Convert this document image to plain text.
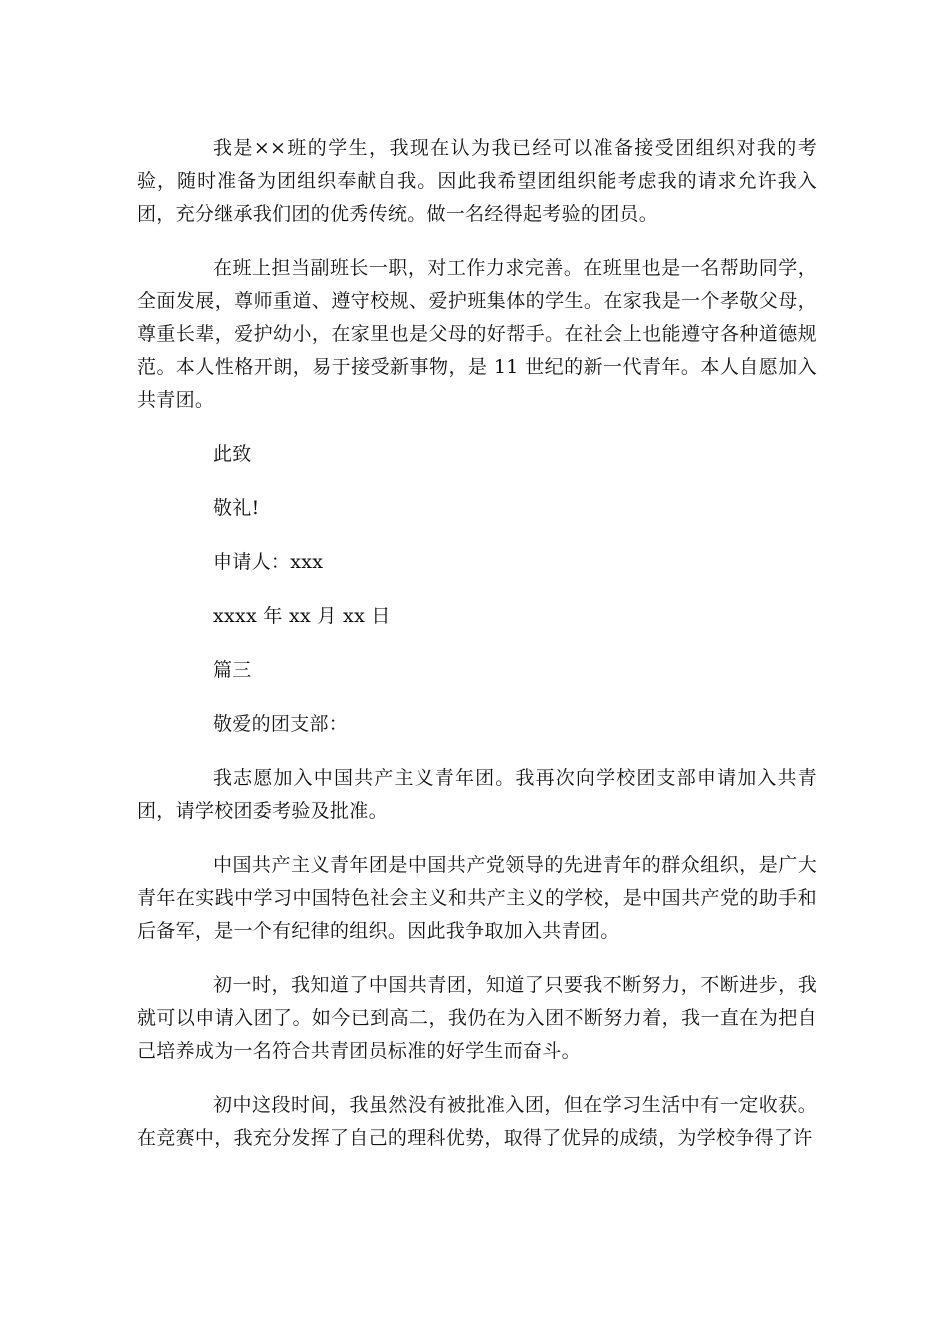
我是××班的学生，我现在认为我已经可以准备接受团组织对我的考验，随时准备为团组织奉献自我。因此我希望团组织能考虑我的请求允许我入团，充分继承我们团的优秀传统。做一名经得起考验的团员。

在班上担当副班长一职，对工作力求完善。在班里也是一名帮助同学，全面发展，尊师重道、遵守校规、爱护班集体的学生。在家我是一个孝敬父母，尊重长辈，爱护幼小，在家里也是父母的好帮手。在社会上也能遵守各种道德规范。本人性格开朗，易于接受新事物，是 11 世纪的新一代青年。本人自愿加入共青团。

此致

敬礼!

申请人：xxx

xxxx 年 xx 月 xx 日

篇三

敬爱的团支部：

我志愿加入中国共产主义青年团。我再次向学校团支部申请加入共青团，请学校团委考验及批准。

中国共产主义青年团是中国共产党领导的先进青年的群众组织，是广大青年在实践中学习中国特色社会主义和共产主义的学校，是中国共产党的助手和后备军，是一个有纪律的组织。因此我争取加入共青团。

初一时，我知道了中国共青团，知道了只要我不断努力，不断进步，我就可以申请入团了。如今已到高二，我仍在为入团不断努力着，我一直在为把自己培养成为一名符合共青团员标准的好学生而奋斗。

初中这段时间，我虽然没有被批准入团，但在学习生活中有一定收获。在竞赛中，我充分发挥了自己的理科优势，取得了优异的成绩，为学校争得了许
